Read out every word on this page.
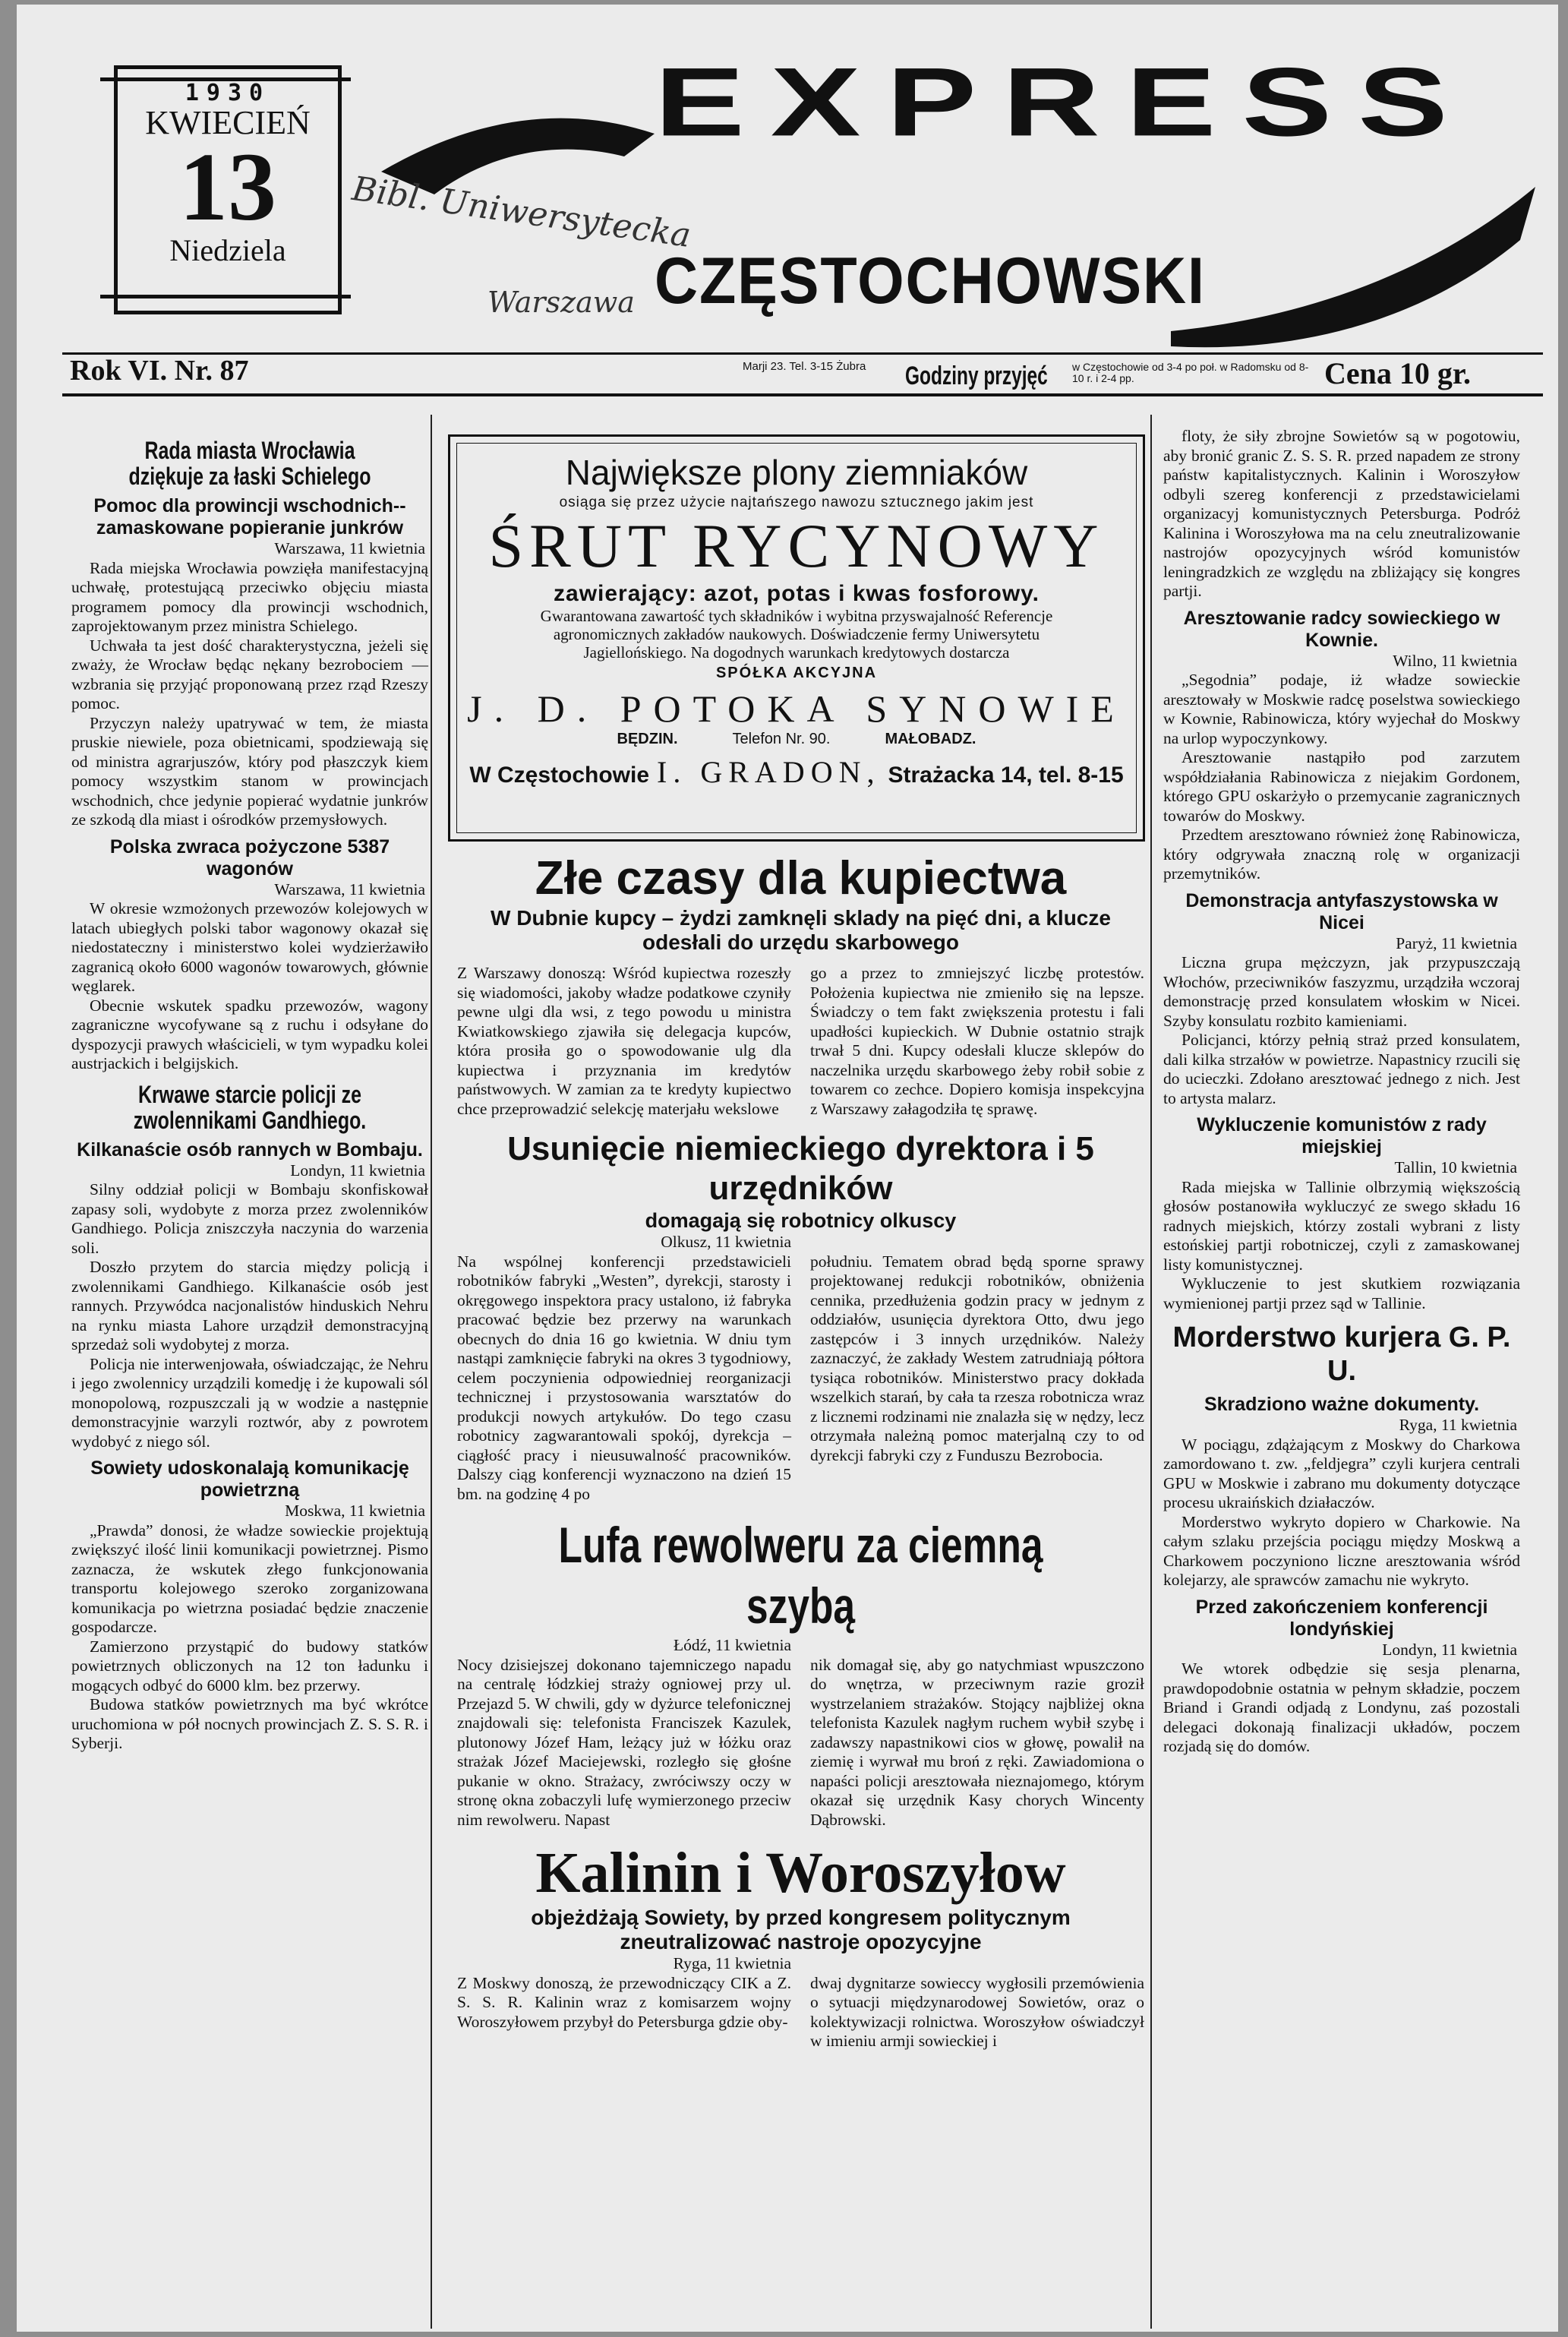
1930
KWIECIEŃ
13
Niedziela
EXPRESS
CZĘSTOCHOWSKI
Bibl. Uniwersytecka
Warszawa
Rok VI. Nr. 87	Marji 23. Tel. 3-15 Żubra	Godziny przyjęć w Częstochowie od 3-4 po poł. w Radomsku od 8-10 r. i 2-4 pp.	Cena 10 gr.

Rada miasta Wrocławia dziękuje za łaski Schielego

Pomoc dla prowincji wschodnich--zamaskowane popieranie junkrów

Warszawa, 11 kwietnia

Rada miejska Wrocławia powzięła manifestacyjną uchwałę, protestującą przeciwko objęciu miasta programem pomocy dla prowincji wschodnich, zaprojektowanym przez ministra Schielego.

Uchwała ta jest dość charakterystyczna, jeżeli się zważy, że Wrocław będąc nękany bezrobociem — wzbrania się przyjąć proponowaną przez rząd Rzeszy pomoc.

Przyczyn należy upatrywać w tem, że miasta pruskie niewiele, poza obietnicami, spodziewają się od ministra agrarjuszów, który pod płaszczyk kiem pomocy wszystkim stanom w prowincjach wschodnich, chce jedynie popierać wydatnie junkrów ze szkodą dla miast i ośrodków przemysłowych.

Polska zwraca pożyczone 5387 wagonów

Warszawa, 11 kwietnia

W okresie wzmożonych przewozów kolejowych w latach ubiegłych polski tabor wagonowy okazał się niedostateczny i ministerstwo kolei wydzierżawiło zagranicą około 6000 wagonów towarowych, głównie węglarek.

Obecnie wskutek spadku przewozów, wagony zagraniczne wycofywane są z ruchu i odsyłane do dyspozycji prawych właścicieli, w tym wypadku kolei austrjackich i belgijskich.

Krwawe starcie policji ze zwolennikami Gandhiego.

Kilkanaście osób rannych w Bombaju.

Londyn, 11 kwietnia

Silny oddział policji w Bombaju skonfiskował zapasy soli, wydobyte z morza przez zwolenników Gandhiego. Policja zniszczyła naczynia do warzenia soli.

Doszło przytem do starcia między policją i zwolennikami Gandhiego. Kilkanaście osób jest rannych. Przywódca nacjonalistów hinduskich Nehru na rynku miasta Lahore urządził demonstracyjną sprzedaż soli wydobytej z morza.

Policja nie interwenjowała, oświadczając, że Nehru i jego zwolennicy urządzili komedję i że kupowali sól monopolową, rozpuszczali ją w wodzie a następnie demonstracyjnie warzyli roztwór, aby z powrotem wydobyć z niego sól.

Sowiety udoskonalają komunikację powietrzną

Moskwa, 11 kwietnia

„Prawda” donosi, że władze sowieckie projektują zwiększyć ilość linii komunikacji powietrznej. Pismo zaznacza, że wskutek złego funkcjonowania transportu kolejowego szeroko zorganizowana komunikacja po wietrzna posiadać będzie znaczenie gospodarcze.

Zamierzono przystąpić do budowy statków powietrznych obliczonych na 12 ton ładunku i mogących odbyć do 6000 klm. bez przerwy.

Budowa statków powietrznych ma być wkrótce uruchomiona w pół nocnych prowincjach Z. S. S. R. i Syberji.

Największe plony ziemniaków
osiąga się przez użycie najtańszego nawozu sztucznego jakim jest
ŚRUT RYCYNOWY
zawierający: azot, potas i kwas fosforowy.
Gwarantowana zawartość tych składników i wybitna przyswajalność Referencje agronomicznych zakładów naukowych. Doświadczenie fermy Uniwersytetu Jagiellońskiego. Na dogodnych warunkach kredytowych dostarcza
SPÓŁKA AKCYJNA
J. D. POTOKA SYNOWIE
BĘDZIN.	Telefon Nr. 90.	MAŁOBADZ.
W Częstochowie I. GRADON, Strażacka 14, tel. 8-15

Złe czasy dla kupiectwa

W Dubnie kupcy – żydzi zamknęli sklady na pięć dni, a klucze odesłali do urzędu skarbowego

Z Warszawy donoszą: Wśród kupiectwa rozeszły się wiadomości, jakoby władze podatkowe czyniły pewne ulgi dla wsi, z tego powodu u ministra Kwiatkowskiego zjawiła się delegacja kupców, która prosiła go o spowodowanie ulg dla kupiectwa i przyznania im kredytów państwowych. W zamian za te kredyty kupiectwo chce przeprowadzić selekcję materjału wekslowe
go a przez to zmniejszyć liczbę protestów. Położenia kupiectwa nie zmieniło się na lepsze. Świadczy o tem fakt zwiększenia protestu i fali upadłości kupieckich. W Dubnie ostatnio strajk trwał 5 dni. Kupcy odesłali klucze sklepów do naczelnika urzędu skarbowego żeby robił sobie z towarem co zechce. Dopiero komisja inspekcyjna z Warszawy załagodziła tę sprawę.

Usunięcie niemieckiego dyrektora i 5 urzędników

domagają się robotnicy olkuscy

Olkusz, 11 kwietnia

Na wspólnej konferencji przedstawicieli robotników fabryki „Westen”, dyrekcji, starosty i okręgowego inspektora pracy ustalono, iż fabryka pracować będzie bez przerwy na warunkach obecnych do dnia 16 go kwietnia. W dniu tym nastąpi zamknięcie fabryki na okres 3 tygodniowy, celem poczynienia odpowiedniej reorganizacji technicznej i przystosowania warsztatów do produkcji nowych artykułów. Do tego czasu robotnicy zagwarantowali spokój, dyrekcja – ciągłość pracy i nieusuwalność pracowników. Dalszy ciąg konferencji wyznaczono na dzień 15 bm. na godzinę 4 po
południu. Tematem obrad będą sporne sprawy projektowanej redukcji robotników, obniżenia cennika, przedłużenia godzin pracy w jednym z oddziałów, usunięcia dyrektora Otto, dwu jego zastępców i 3 innych urzędników. Należy zaznaczyć, że zakłady Westem zatrudniają półtora tysiąca robotników. Ministerstwo pracy dokłada wszelkich starań, by cała ta rzesza robotnicza wraz z licznemi rodzinami nie znalazła się w nędzy, lecz otrzymała należną pomoc materjalną czy to od dyrekcji fabryki czy z Funduszu Bezrobocia.

Lufa rewolweru za ciemną szybą

Łódź, 11 kwietnia

Nocy dzisiejszej dokonano tajemniczego napadu na centralę łódzkiej straży ogniowej przy ul. Przejazd 5. W chwili, gdy w dyżurce telefonicznej znajdowali się: telefonista Franciszek Kazulek, plutonowy Józef Ham, leżący już w łóżku oraz strażak Józef Maciejewski, rozległo się głośne pukanie w okno. Strażacy, zwróciwszy oczy w stronę okna zobaczyli lufę wymierzonego przeciw nim rewolweru. Napast
nik domagał się, aby go natychmiast wpuszczono do wnętrza, w przeciwnym razie groził wystrzelaniem strażaków. Stojący najbliżej okna telefonista Kazulek nagłym ruchem wybił szybę i zadawszy napastnikowi cios w głowę, powalił na ziemię i wyrwał mu broń z ręki. Zawiadomiona o napaści policji aresztowała nieznajomego, którym okazał się urzędnik Kasy chorych Wincenty Dąbrowski.

Kalinin i Woroszyłow

objeżdżają Sowiety, by przed kongresem politycznym zneutralizować nastroje opozycyjne

Ryga, 11 kwietnia

Z Moskwy donoszą, że przewodniczący CIK a Z. S. S. R. Kalinin wraz z komisarzem wojny Woroszyłowem przybył do Petersburga gdzie oby-
dwaj dygnitarze sowieccy wygłosili przemówienia o sytuacji międzynarodowej Sowietów, oraz o kolektywizacji rolnictwa. Woroszyłow oświadczył w imieniu armji sowieckiej i

floty, że siły zbrojne Sowietów są w pogotowiu, aby bronić granic Z. S. S. R. przed napadem ze strony państw kapitalistycznych. Kalinin i Woroszyłow odbyli szereg konferencji z przedstawicielami organizacyj komunistycznych Petersburga. Podróż Kalinina i Woroszyłowa ma na celu zneutralizowanie nastrojów opozycyjnych wśród komunistów leningradzkich ze względu na zbliżający się kongres partji.

Aresztowanie radcy sowieckiego w Kownie.

Wilno, 11 kwietnia

„Segodnia” podaje, iż władze sowieckie aresztowały w Moskwie radcę poselstwa sowieckiego w Kownie, Rabinowicza, który wyjechał do Moskwy na urlop wypoczynkowy.

Aresztowanie nastąpiło pod zarzutem współdziałania Rabinowicza z niejakim Gordonem, którego GPU oskarżyło o przemycanie zagranicznych towarów do Moskwy.

Przedtem aresztowano również żonę Rabinowicza, który odgrywała znaczną rolę w organizacji przemytników.

Demonstracja antyfaszystowska w Nicei

Paryż, 11 kwietnia

Liczna grupa mężczyzn, jak przypuszczają Włochów, przeciwników faszyzmu, urządziła wczoraj demonstrację przed konsulatem włoskim w Nicei. Szyby konsulatu rozbito kamieniami.

Policjanci, którzy pełnią straż przed konsulatem, dali kilka strzałów w powietrze. Napastnicy rzucili się do ucieczki. Zdołano aresztować jednego z nich. Jest to artysta malarz.

Wykluczenie komunistów z rady miejskiej

Tallin, 10 kwietnia

Rada miejska w Tallinie olbrzymią większością głosów postanowiła wykluczyć ze swego składu 16 radnych miejskich, którzy zostali wybrani z listy estońskiej partji robotniczej, czyli z zamaskowanej listy komunistycznej.

Wykluczenie to jest skutkiem rozwiązania wymienionej partji przez sąd w Tallinie.

Morderstwo kurjera G. P. U.

Skradziono ważne dokumenty.

Ryga, 11 kwietnia

W pociągu, zdążającym z Moskwy do Charkowa zamordowano t. zw. „feldjegra” czyli kurjera centrali GPU w Moskwie i zabrano mu dokumenty dotyczące procesu ukraińskich działaczów.

Morderstwo wykryto dopiero w Charkowie. Na całym szlaku przejścia pociągu między Moskwą a Charkowem poczyniono liczne aresztowania wśród kolejarzy, ale sprawców zamachu nie wykryto.

Przed zakończeniem konferencji londyńskiej

Londyn, 11 kwietnia

We wtorek odbędzie się sesja plenarna, prawdopodobnie ostatnia w pełnym składzie, poczem Briand i Grandi odjadą z Londynu, zaś pozostali delegaci dokonają finalizacji układów, poczem rozjadą się do domów.
